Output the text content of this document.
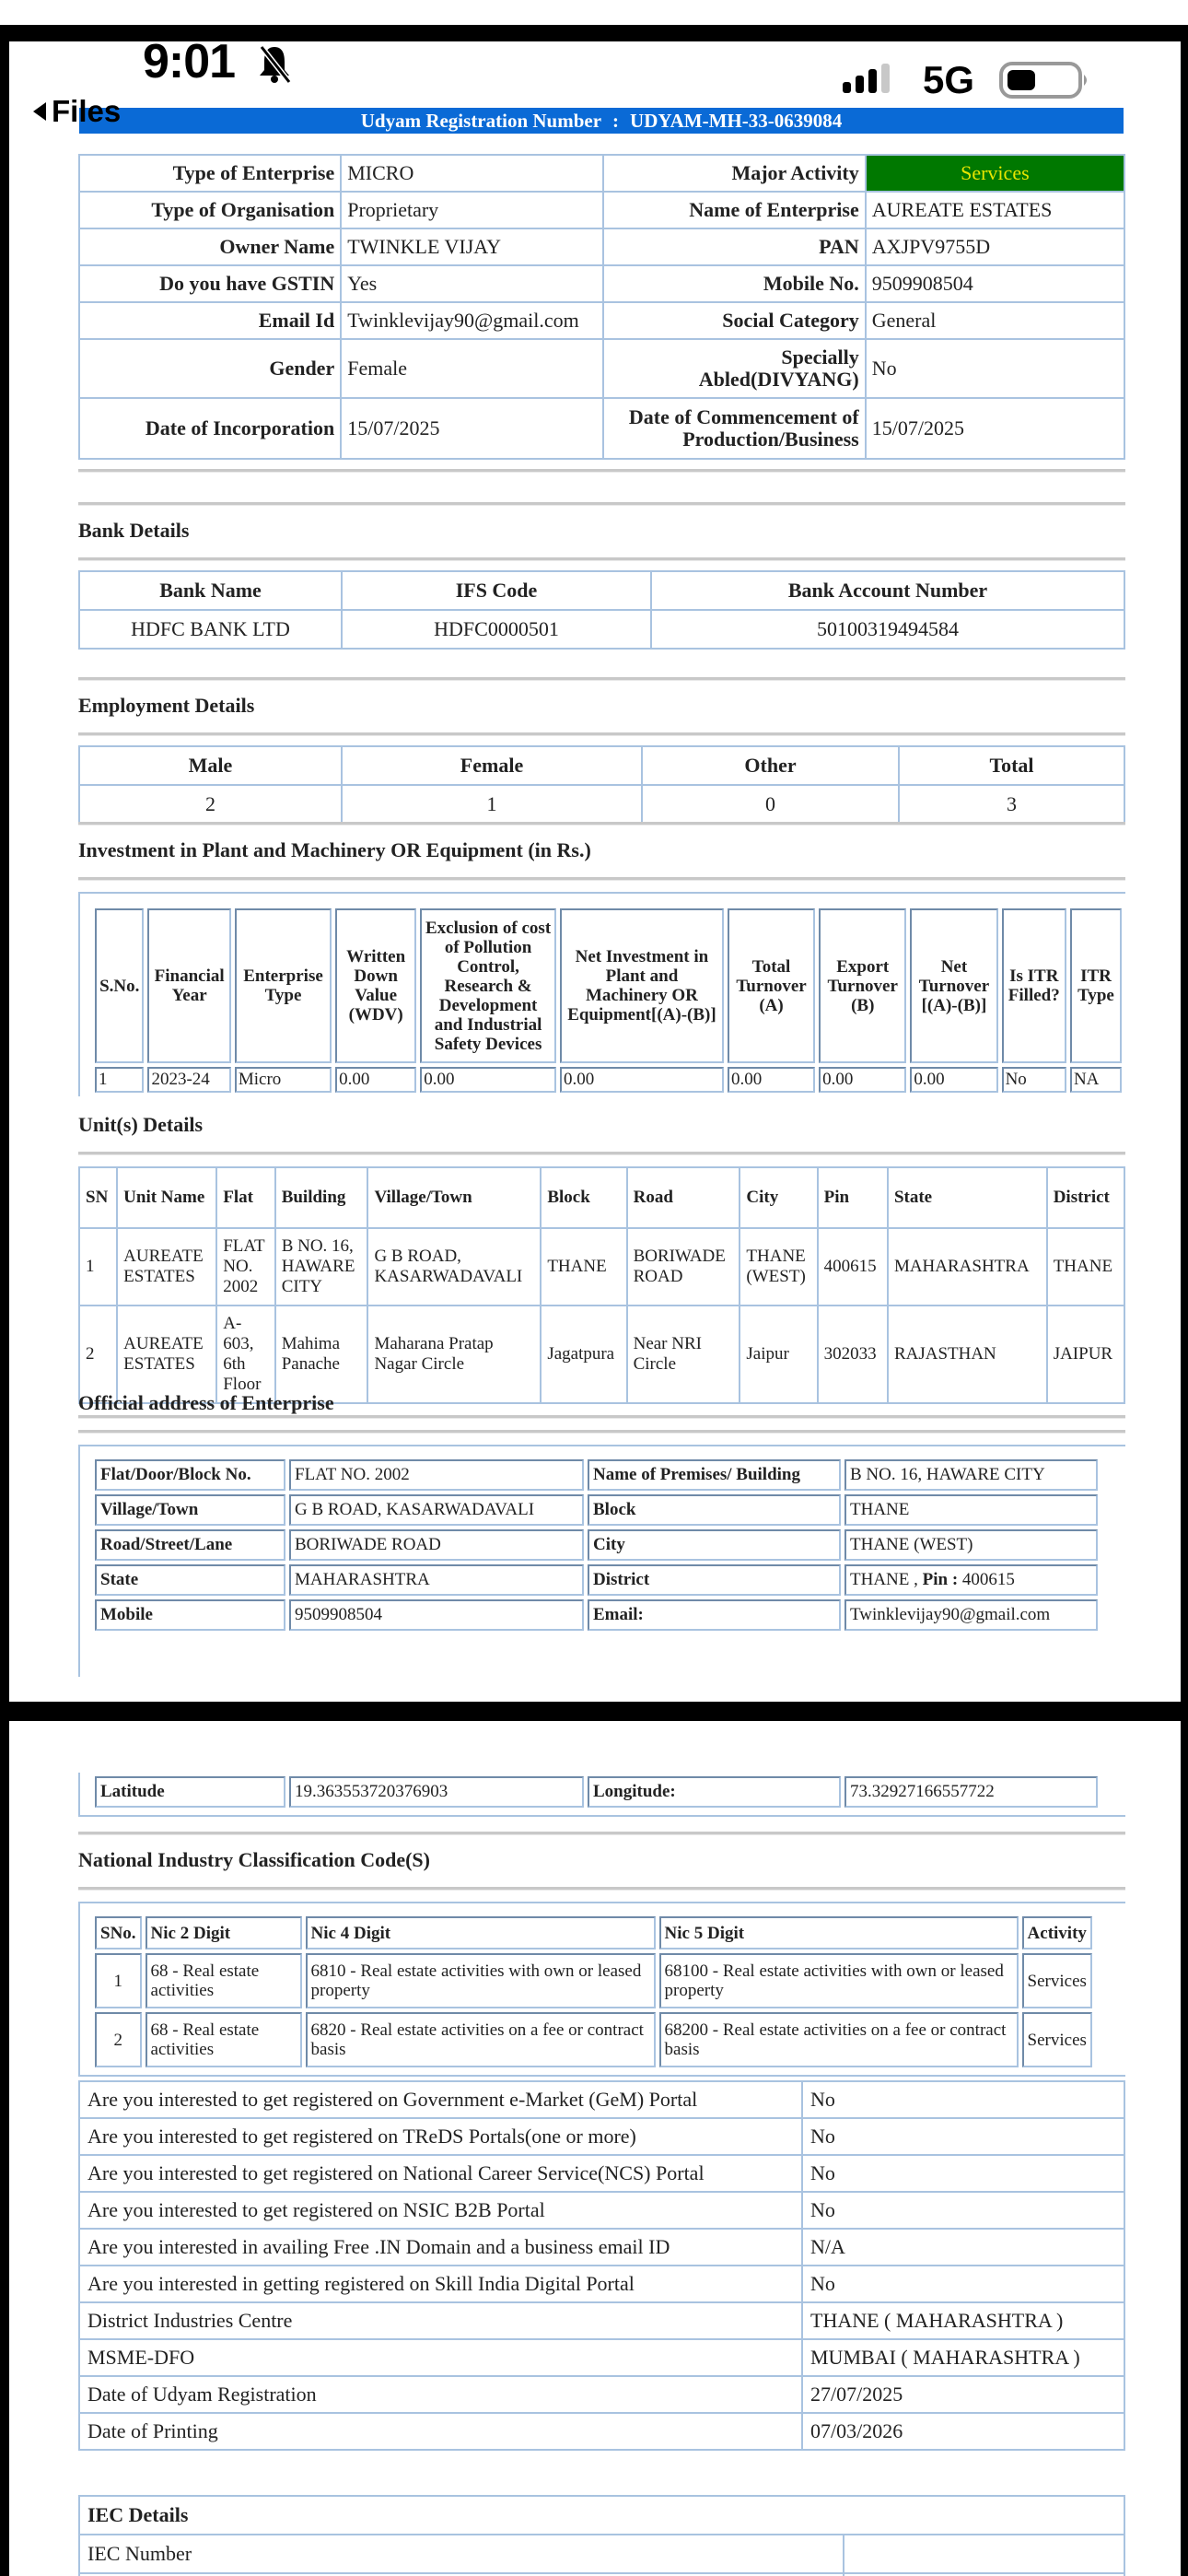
9:01	5G
Files	Udyam Registration Number : UDYAM-MH-33-0639084
Type of Enterprise	MICRO	Major Activity	Services
Type of Organisation	Proprietary	Name of Enterprise	AUREATE ESTATES
Owner Name	TWINKLE VIJAY	PAN	AXJPV9755D
Do you have GSTIN	Yes	Mobile No.	9509908504
Email Id	Twinklevijay90@gmail.com	Social Category	General
Gender	Female	Specially Abled(DIVYANG)	No
Date of Incorporation	15/07/2025	Date of Commencement of Production/Business	15/07/2025
Bank Details
Bank Name	IFS Code	Bank Account Number
HDFC BANK LTD	HDFC0000501	50100319494584
Employment Details
Male	Female	Other	Total
2	1	0	3
Investment in Plant and Machinery OR Equipment (in Rs.)
S.No.	Financial Year	Enterprise Type	Written Down Value (WDV)	Exclusion of cost of Pollution Control, Research & Development and Industrial Safety Devices	Net Investment in Plant and Machinery OR Equipment[(A)-(B)]	Total Turnover (A)	Export Turnover (B)	Net Turnover [(A)-(B)]	Is ITR Filled?	ITR Type
1	2023-24	Micro	0.00	0.00	0.00	0.00	0.00	0.00	No	NA
Unit(s) Details
SN	Unit Name	Flat	Building	Village/Town	Block	Road	City	Pin	State	District
1	AUREATE ESTATES	FLAT NO. 2002	B NO. 16, HAWARE CITY	G B ROAD, KASARWADAVALI	THANE	BORIWADE ROAD	THANE (WEST)	400615	MAHARASHTRA	THANE
2	AUREATE ESTATES	A-603, 6th Floor	Mahima Panache	Maharana Pratap Nagar Circle	Jagatpura	Near NRI Circle	Jaipur	302033	RAJASTHAN	JAIPUR
Official address of Enterprise
Flat/Door/Block No.	FLAT NO. 2002	Name of Premises/ Building	B NO. 16, HAWARE CITY
Village/Town	G B ROAD, KASARWADAVALI	Block	THANE
Road/Street/Lane	BORIWADE ROAD	City	THANE (WEST)
State	MAHARASHTRA	District	THANE , Pin : 400615
Mobile	9509908504	Email:	Twinklevijay90@gmail.com
Latitude	19.363553720376903	Longitude:	73.32927166557722
National Industry Classification Code(S)
SNo.	Nic 2 Digit	Nic 4 Digit	Nic 5 Digit	Activity
1	68 - Real estate activities	6810 - Real estate activities with own or leased property	68100 - Real estate activities with own or leased property	Services
2	68 - Real estate activities	6820 - Real estate activities on a fee or contract basis	68200 - Real estate activities on a fee or contract basis	Services
Are you interested to get registered on Government e-Market (GeM) Portal	No
Are you interested to get registered on TReDS Portals(one or more)	No
Are you interested to get registered on National Career Service(NCS) Portal	No
Are you interested to get registered on NSIC B2B Portal	No
Are you interested in availing Free .IN Domain and a business email ID	N/A
Are you interested in getting registered on Skill India Digital Portal	No
District Industries Centre	THANE ( MAHARASHTRA )
MSME-DFO	MUMBAI ( MAHARASHTRA )
Date of Udyam Registration	27/07/2025
Date of Printing	07/03/2026
IEC Details	
IEC Number	
